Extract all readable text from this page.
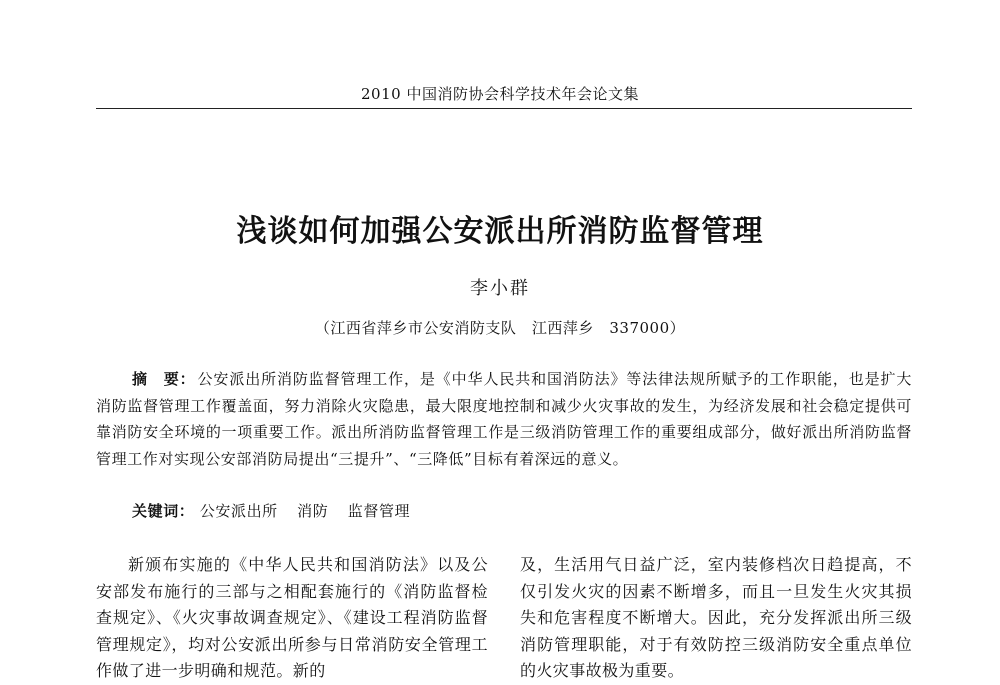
2010 中国消防协会科学技术年会论文集
浅谈如何加强公安派出所消防监督管理
李小群
（江西省萍乡市公安消防支队　江西萍乡　337000）
摘　要： 公安派出所消防监督管理工作，是《中华人民共和国消防法》等法律法规所赋予的工作职能，也是扩大消防监督管理工作覆盖面，努力消除火灾隐患，最大限度地控制和减少火灾事故的发生，为经济发展和社会稳定提供可靠消防安全环境的一项重要工作。派出所消防监督管理工作是三级消防管理工作的重要组成部分，做好派出所消防监督管理工作对实现公安部消防局提出“三提升”、“三降低”目标有着深远的意义。
关键词： 公安派出所 消防 监督管理

新颁布实施的《中华人民共和国消防法》以及公安部发布施行的三部与之相配套施行的《消防监督检查规定》、《火灾事故调查规定》、《建设工程消防监督管理规定》，均对公安派出所参与日常消防安全管理工作做了进一步明确和规范。新的

及，生活用气日益广泛，室内装修档次日趋提高，不仅引发火灾的因素不断增多，而且一旦发生火灾其损失和危害程度不断增大。因此，充分发挥派出所三级消防管理职能，对于有效防控三级消防安全重点单位的火灾事故极为重要。
